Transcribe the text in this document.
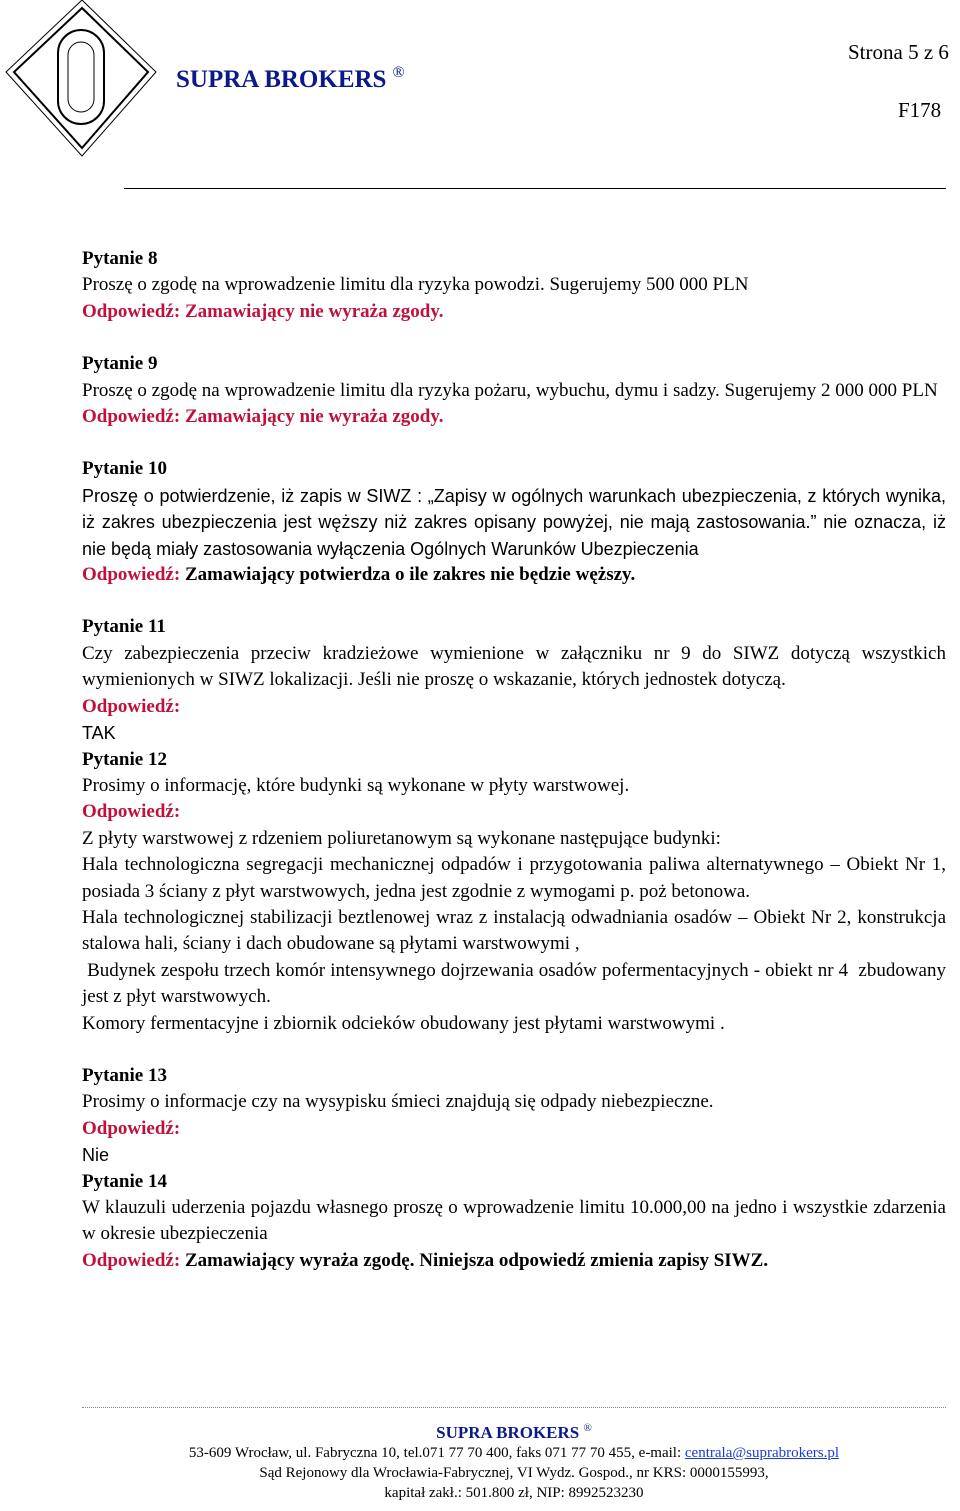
SUPRA BROKERS ®
Strona 5 z 6
F178
Pytanie 8

Proszę o zgodę na wprowadzenie limitu dla ryzyka powodzi. Sugerujemy 500 000 PLN

Odpowiedź: Zamawiający nie wyraża zgody.
Pytanie 9

Proszę o zgodę na wprowadzenie limitu dla ryzyka pożaru, wybuchu, dymu i sadzy. Sugerujemy 2 000 000 PLN

Odpowiedź: Zamawiający nie wyraża zgody.
Pytanie 10

Proszę o potwierdzenie, iż zapis w SIWZ : „Zapisy w ogólnych warunkach ubezpieczenia, z których wynika, iż zakres ubezpieczenia jest węższy niż zakres opisany powyżej, nie mają zastosowania.” nie oznacza, iż nie będą miały zastosowania wyłączenia Ogólnych Warunków Ubezpieczenia

Odpowiedź: Zamawiający potwierdza o ile zakres nie będzie węższy.
Pytanie 11

Czy zabezpieczenia przeciw kradzieżowe wymienione w załączniku nr 9 do SIWZ dotyczą wszystkich wymienionych w SIWZ lokalizacji. Jeśli nie proszę o wskazanie, których jednostek dotyczą.

Odpowiedź:
TAK
Pytanie 12

Prosimy o informację, które budynki są wykonane w płyty warstwowej.

Odpowiedź:

Z płyty warstwowej z rdzeniem poliuretanowym są wykonane następujące budynki:

Hala technologiczna segregacji mechanicznej odpadów i przygotowania paliwa alternatywnego – Obiekt Nr 1, posiada 3 ściany z płyt warstwowych, jedna jest zgodnie z wymogami p. poż betonowa.

Hala technologicznej stabilizacji beztlenowej wraz z instalacją odwadniania osadów – Obiekt Nr 2, konstrukcja stalowa hali, ściany i dach obudowane są płytami warstwowymi ,

Budynek zespołu trzech komór intensywnego dojrzewania osadów pofermentacyjnych - obiekt nr 4  zbudowany jest z płyt warstwowych.

Komory fermentacyjne i zbiornik odcieków obudowany jest płytami warstwowymi .

Pytanie 13

Prosimy o informacje czy na wysypisku śmieci znajdują się odpady niebezpieczne.

Odpowiedź:
Nie
Pytanie 14

W klauzuli uderzenia pojazdu własnego proszę o wprowadzenie limitu 10.000,00 na jedno i wszystkie zdarzenia w okresie ubezpieczenia

Odpowiedź: Zamawiający wyraża zgodę. Niniejsza odpowiedź zmienia zapisy SIWZ.
SUPRA BROKERS ®
53-609 Wrocław, ul. Fabryczna 10, tel.071 77 70 400, faks 071 77 70 455, e-mail: centrala@suprabrokers.pl
Sąd Rejonowy dla Wrocławia-Fabrycznej, VI Wydz. Gospod., nr KRS: 0000155993,
kapitał zakł.: 501.800 zł, NIP: 8992523230
